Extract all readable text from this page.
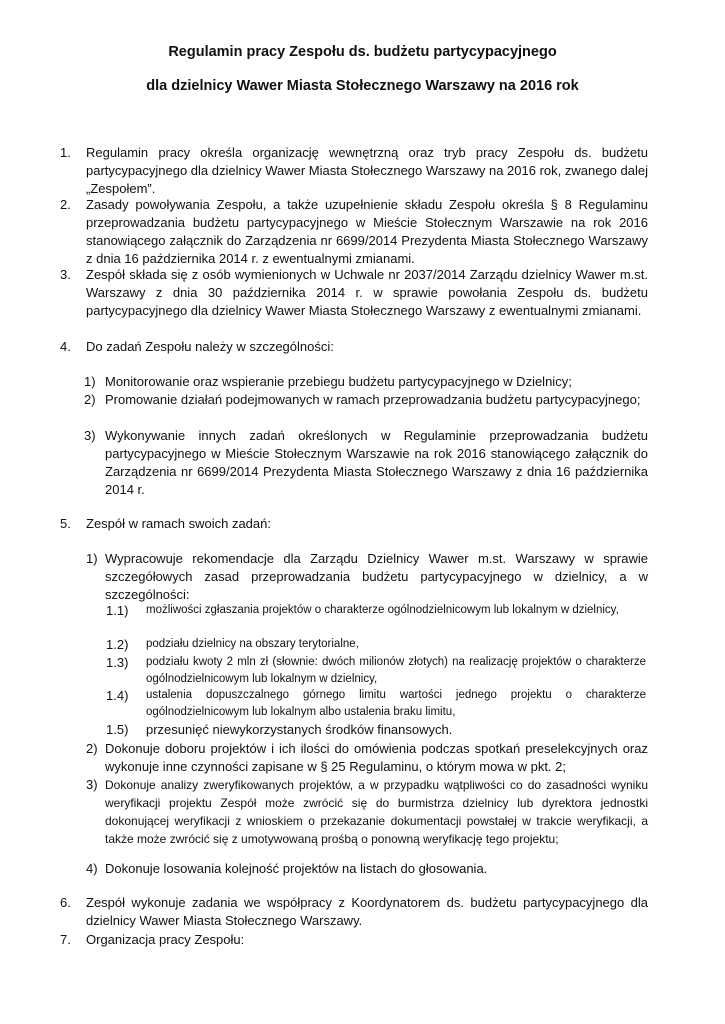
Regulamin pracy Zespołu ds. budżetu partycypacyjnego
dla dzielnicy Wawer Miasta Stołecznego Warszawy na 2016 rok
1. Regulamin pracy określa organizację wewnętrzną oraz tryb pracy Zespołu ds. budżetu partycypacyjnego dla dzielnicy Wawer Miasta Stołecznego Warszawy na 2016 rok, zwanego dalej „Zespołem”.
2. Zasady powoływania Zespołu, a także uzupełnienie składu Zespołu określa § 8 Regulaminu przeprowadzania budżetu partycypacyjnego w Mieście Stołecznym Warszawie na rok 2016 stanowiącego załącznik do Zarządzenia nr 6699/2014 Prezydenta Miasta Stołecznego Warszawy z dnia 16 października 2014 r. z ewentualnymi zmianami.
3. Zespół składa się z osób wymienionych w Uchwale nr 2037/2014 Zarządu dzielnicy Wawer m.st. Warszawy z dnia 30 października 2014 r. w sprawie powołania Zespołu ds. budżetu partycypacyjnego dla dzielnicy Wawer Miasta Stołecznego Warszawy z ewentualnymi zmianami.
4. Do zadań Zespołu należy w szczególności:
1) Monitorowanie oraz wspieranie przebiegu budżetu partycypacyjnego w Dzielnicy;
2) Promowanie działań podejmowanych w ramach przeprowadzania budżetu partycypacyjnego;
3) Wykonywanie innych zadań określonych w Regulaminie przeprowadzania budżetu partycypacyjnego w Mieście Stołecznym Warszawie na rok 2016 stanowiącego załącznik do Zarządzenia nr 6699/2014 Prezydenta Miasta Stołecznego Warszawy z dnia 16 października 2014 r.
5. Zespół w ramach swoich zadań:
1) Wypracowuje rekomendacje dla Zarządu Dzielnicy Wawer m.st. Warszawy w sprawie szczegółowych zasad przeprowadzania budżetu partycypacyjnego w dzielnicy, a w szczególności:
1.1) możliwości zgłaszania projektów o charakterze ogólnodzielnicowym lub lokalnym w dzielnicy,
1.2) podziału dzielnicy na obszary terytorialne,
1.3) podziału kwoty 2 mln zł (słownie: dwóch milionów złotych) na realizację projektów o charakterze ogólnodzielnicowym lub lokalnym w dzielnicy,
1.4) ustalenia dopuszczalnego górnego limitu wartości jednego projektu o charakterze ogólnodzielnicowym lub lokalnym albo ustalenia braku limitu,
1.5) przesunięć niewykorzystanych środków finansowych.
2) Dokonuje doboru projektów i ich ilości do omówienia podczas spotkań preselekcyjnych oraz wykonuje inne czynności zapisane w § 25 Regulaminu, o którym mowa w pkt. 2;
3) Dokonuje analizy zweryfikowanych projektów, a w przypadku wątpliwości co do zasadności wyniku weryfikacji projektu Zespół może zwrócić się do burmistrza dzielnicy lub dyrektora jednostki dokonującej weryfikacji z wnioskiem o przekazanie dokumentacji powstałej w trakcie weryfikacji, a także może zwrócić się z umotywowaną prośbą o ponowną weryfikację tego projektu;
4) Dokonuje losowania kolejność projektów na listach do głosowania.
6. Zespół wykonuje zadania we współpracy z Koordynatorem ds. budżetu partycypacyjnego dla dzielnicy Wawer Miasta Stołecznego Warszawy.
7. Organizacja pracy Zespołu:
